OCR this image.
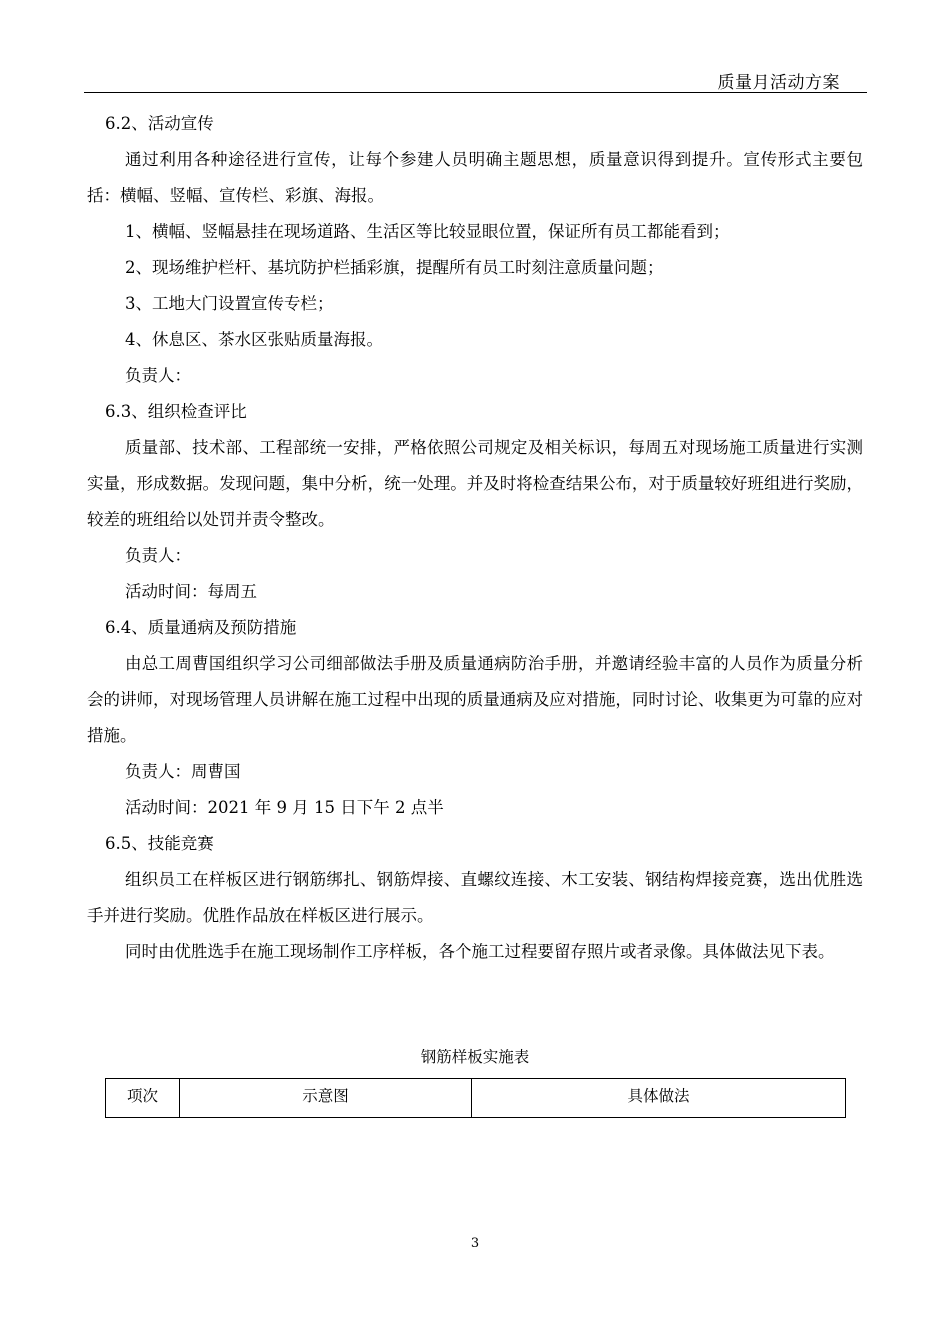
质量月活动方案
6.2、活动宣传

通过利用各种途径进行宣传，让每个参建人员明确主题思想，质量意识得到提升。宣传形式主要包括：横幅、竖幅、宣传栏、彩旗、海报。

1、横幅、竖幅悬挂在现场道路、生活区等比较显眼位置，保证所有员工都能看到；
2、现场维护栏杆、基坑防护栏插彩旗，提醒所有员工时刻注意质量问题；
3、工地大门设置宣传专栏；
4、休息区、茶水区张贴质量海报。
负责人：
6.3、组织检查评比

质量部、技术部、工程部统一安排，严格依照公司规定及相关标识，每周五对现场施工质量进行实测实量，形成数据。发现问题，集中分析，统一处理。并及时将检查结果公布，对于质量较好班组进行奖励，较差的班组给以处罚并责令整改。

负责人：
活动时间：每周五
6.4、质量通病及预防措施

由总工周曹国组织学习公司细部做法手册及质量通病防治手册，并邀请经验丰富的人员作为质量分析会的讲师，对现场管理人员讲解在施工过程中出现的质量通病及应对措施，同时讨论、收集更为可靠的应对措施。

负责人：周曹国
活动时间：2021 年 9 月 15 日下午 2 点半
6.5、技能竞赛

组织员工在样板区进行钢筋绑扎、钢筋焊接、直螺纹连接、木工安装、钢结构焊接竞赛，选出优胜选手并进行奖励。优胜作品放在样板区进行展示。

同时由优胜选手在施工现场制作工序样板，各个施工过程要留存照片或者录像。具体做法见下表。

钢筋样板实施表
项次	示意图	具体做法
3
